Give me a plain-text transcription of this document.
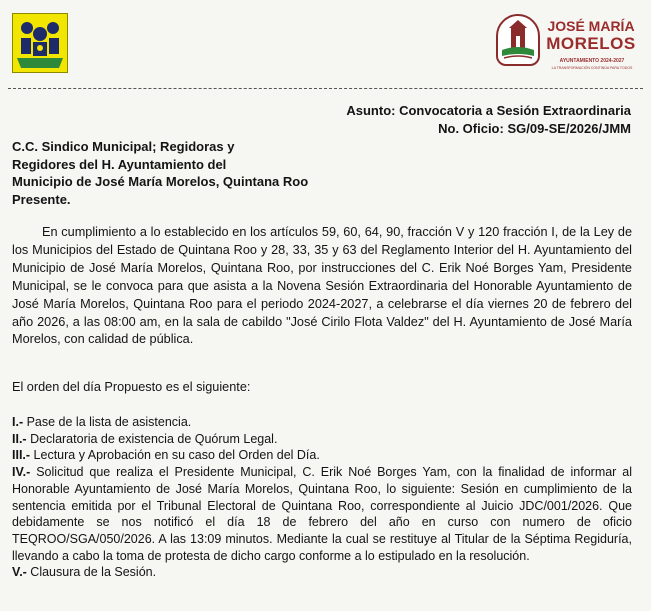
JOSÉ MARÍA
MORELOS
AYUNTAMIENTO 2024-2027
LA TRANSFORMACIÓN CONTINÚA PARA TODOS

Asunto: Convocatoria a Sesión Extraordinaria

No. Oficio: SG/09-SE/2026/JMM

C.C. Sindico Municipal; Regidoras y

Regidores del H. Ayuntamiento del

Municipio de José María Morelos, Quintana Roo

Presente.

En cumplimiento a lo establecido en los artículos 59, 60, 64, 90, fracción V y 120 fracción I, de la Ley de los Municipios del Estado de Quintana Roo y 28, 33, 35 y 63 del Reglamento Interior del H. Ayuntamiento del Municipio de José María Morelos, Quintana Roo, por instrucciones del C. Erik Noé Borges Yam, Presidente Municipal, se le convoca para que asista a la Novena Sesión Extraordinaria del Honorable Ayuntamiento de José María Morelos, Quintana Roo para el periodo 2024-2027, a celebrarse el día viernes 20 de febrero del año 2026, a las 08:00 am, en la sala de cabildo "José Cirilo Flota Valdez" del H. Ayuntamiento de José María Morelos, con calidad de pública.

El orden del día Propuesto es el siguiente:

I.- Pase de la lista de asistencia.

II.- Declaratoria de existencia de Quórum Legal.

III.- Lectura y Aprobación en su caso del Orden del Día.

IV.- Solicitud que realiza el Presidente Municipal, C. Erik Noé Borges Yam, con la finalidad de informar al Honorable Ayuntamiento de José María Morelos, Quintana Roo, lo siguiente: Sesión en cumplimiento de la sentencia emitida por el Tribunal Electoral de Quintana Roo, correspondiente al Juicio JDC/001/2026. Que debidamente se nos notificó el día 18 de febrero del año en curso con numero de oficio TEQROO/SGA/050/2026. A las 13:09 minutos. Mediante la cual se restituye al Titular de la Séptima Regiduría, llevando a cabo la toma de protesta de dicho cargo conforme a lo estipulado en la resolución.

V.- Clausura de la Sesión.
